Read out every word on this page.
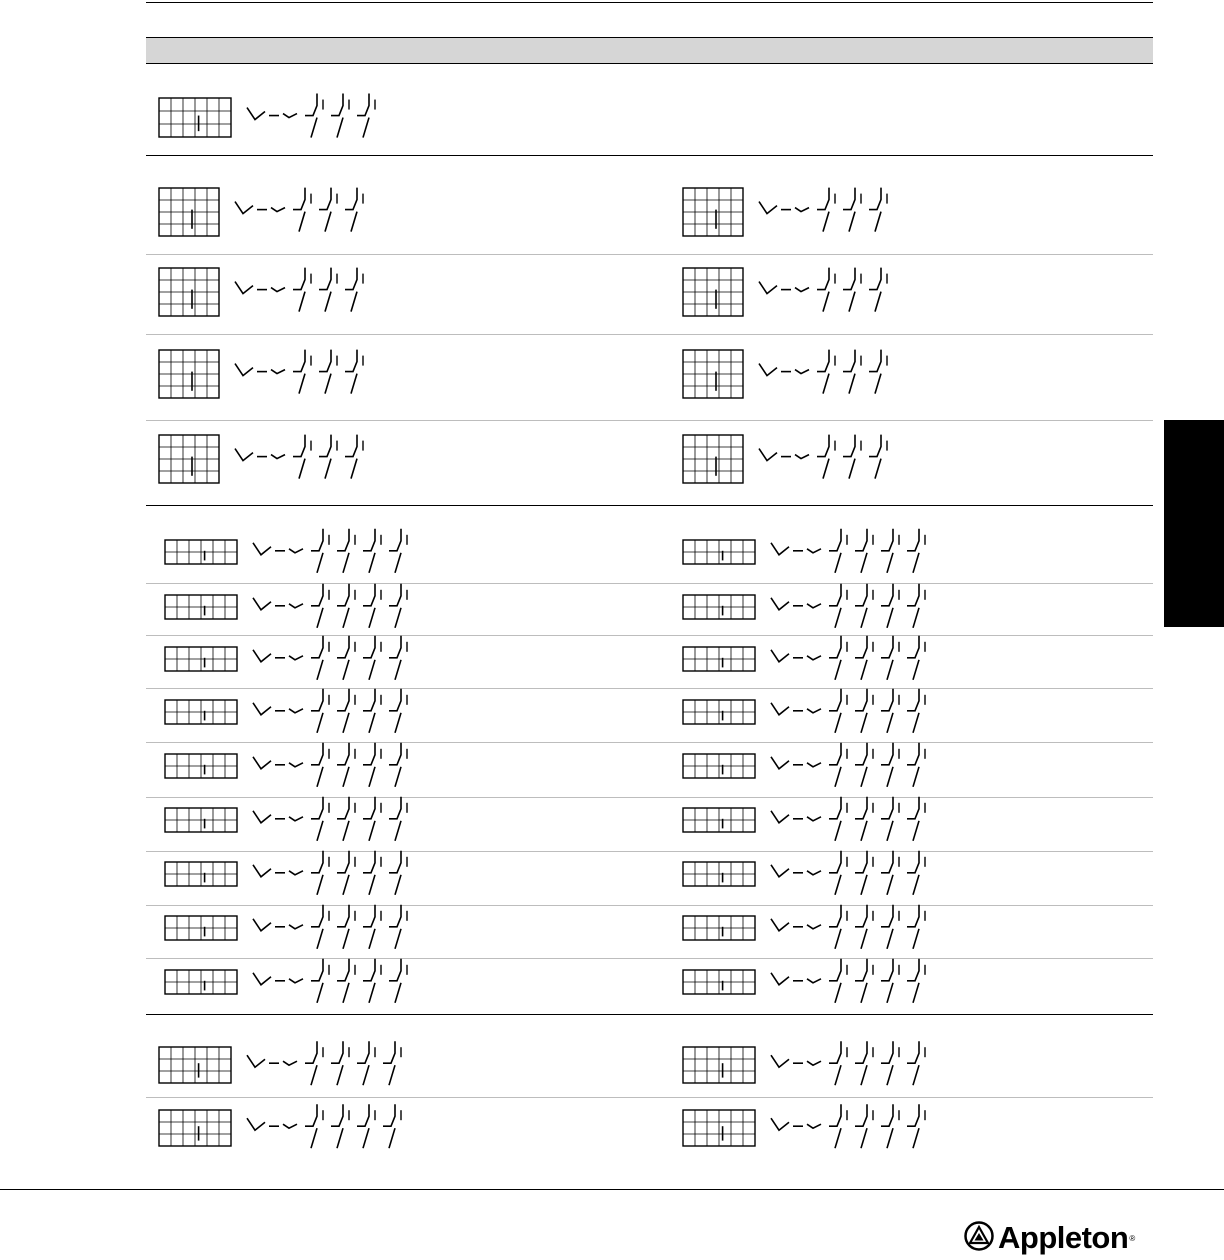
Appleton ®
